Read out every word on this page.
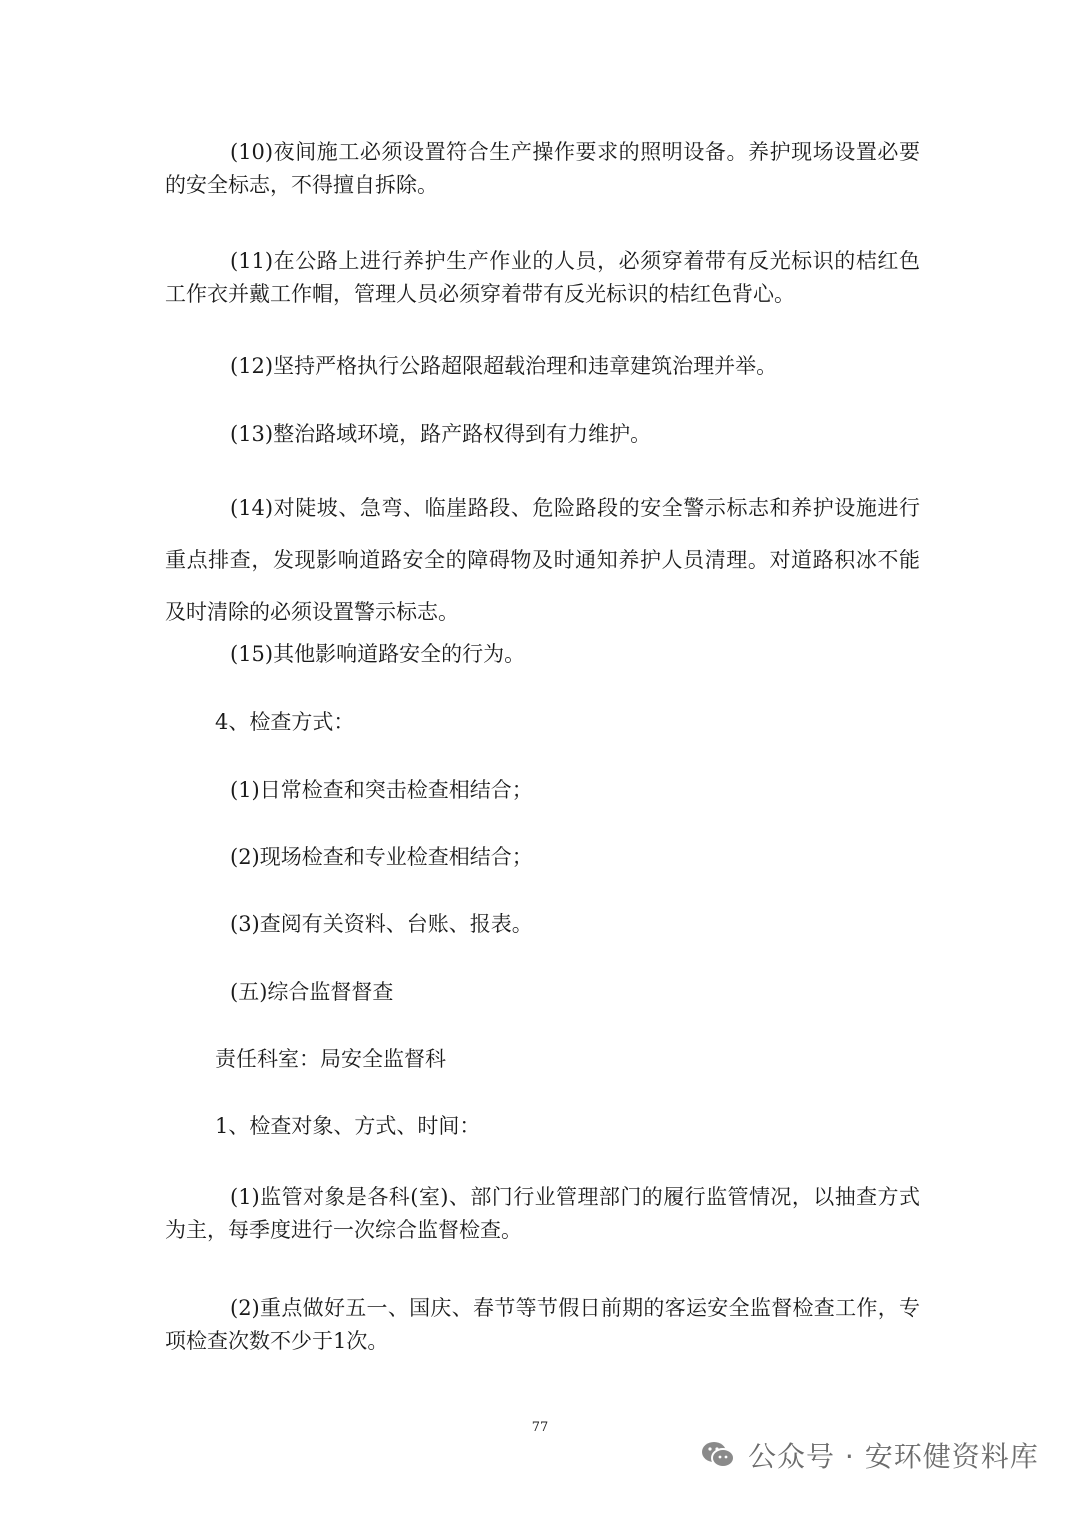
(10)夜间施工必须设置符合生产操作要求的照明设备。养护现场设置必要的安全标志，不得擅自拆除。

(11)在公路上进行养护生产作业的人员，必须穿着带有反光标识的桔红色工作衣并戴工作帽，管理人员必须穿着带有反光标识的桔红色背心。

(12)坚持严格执行公路超限超载治理和违章建筑治理并举。

(13)整治路域环境，路产路权得到有力维护。

(14)对陡坡、急弯、临崖路段、危险路段的安全警示标志和养护设施进行重点排查，发现影响道路安全的障碍物及时通知养护人员清理。对道路积冰不能及时清除的必须设置警示标志。

(15)其他影响道路安全的行为。

4、检查方式：

(1)日常检查和突击检查相结合；

(2)现场检查和专业检查相结合；

(3)查阅有关资料、台账、报表。

(五)综合监督督查

责任科室：局安全监督科

1、检查对象、方式、时间：

(1)监管对象是各科(室)、部门行业管理部门的履行监管情况，以抽查方式为主，每季度进行一次综合监督检查。

(2)重点做好五一、国庆、春节等节假日前期的客运安全监督检查工作，专项检查次数不少于1次。

77
公众号 · 安环健资料库
